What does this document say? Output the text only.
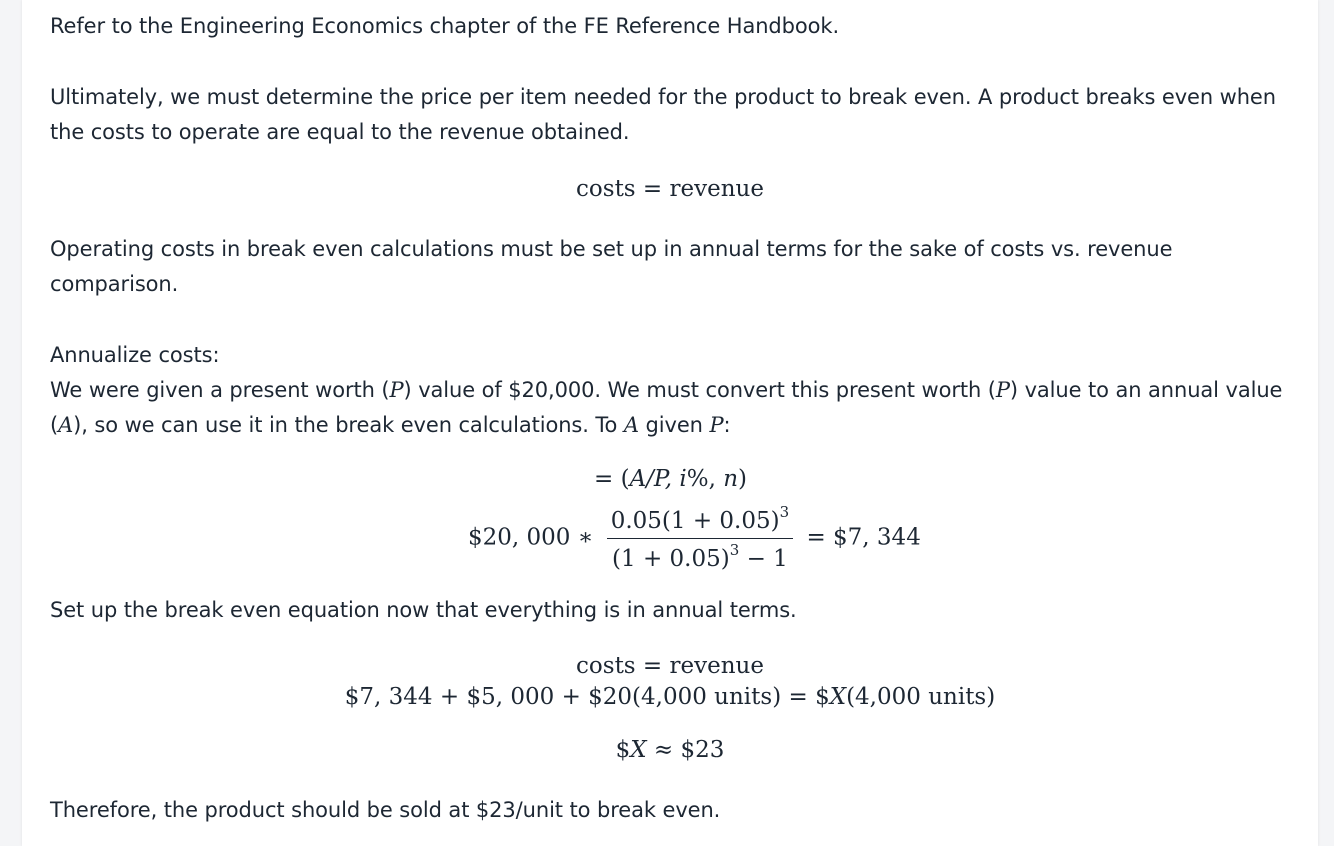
Refer to the Engineering Economics chapter of the FE Reference Handbook.
Ultimately, we must determine the price per item needed for the product to break even. A product breaks even when the costs to operate are equal to the revenue obtained.
costs = revenue
Operating costs in break even calculations must be set up in annual terms for the sake of costs vs. revenue comparison.
Annualize costs:
We were given a present worth (P) value of $20,000. We must convert this present worth (P) value to an annual value (A), so we can use it in the break even calculations. To A given P:
= (A/P, i%, n)
$20, 000 ∗ $\frac{0.05(1 + 0.05)^3}{(1 + 0.05)^3 - 1}$ = $7, 344
Set up the break even equation now that everything is in annual terms.
costs = revenue
$7, 344 + $5, 000 + $20(4,000 units) = $X(4,000 units)
$X ≈ $23
Therefore, the product should be sold at $23/unit to break even.
